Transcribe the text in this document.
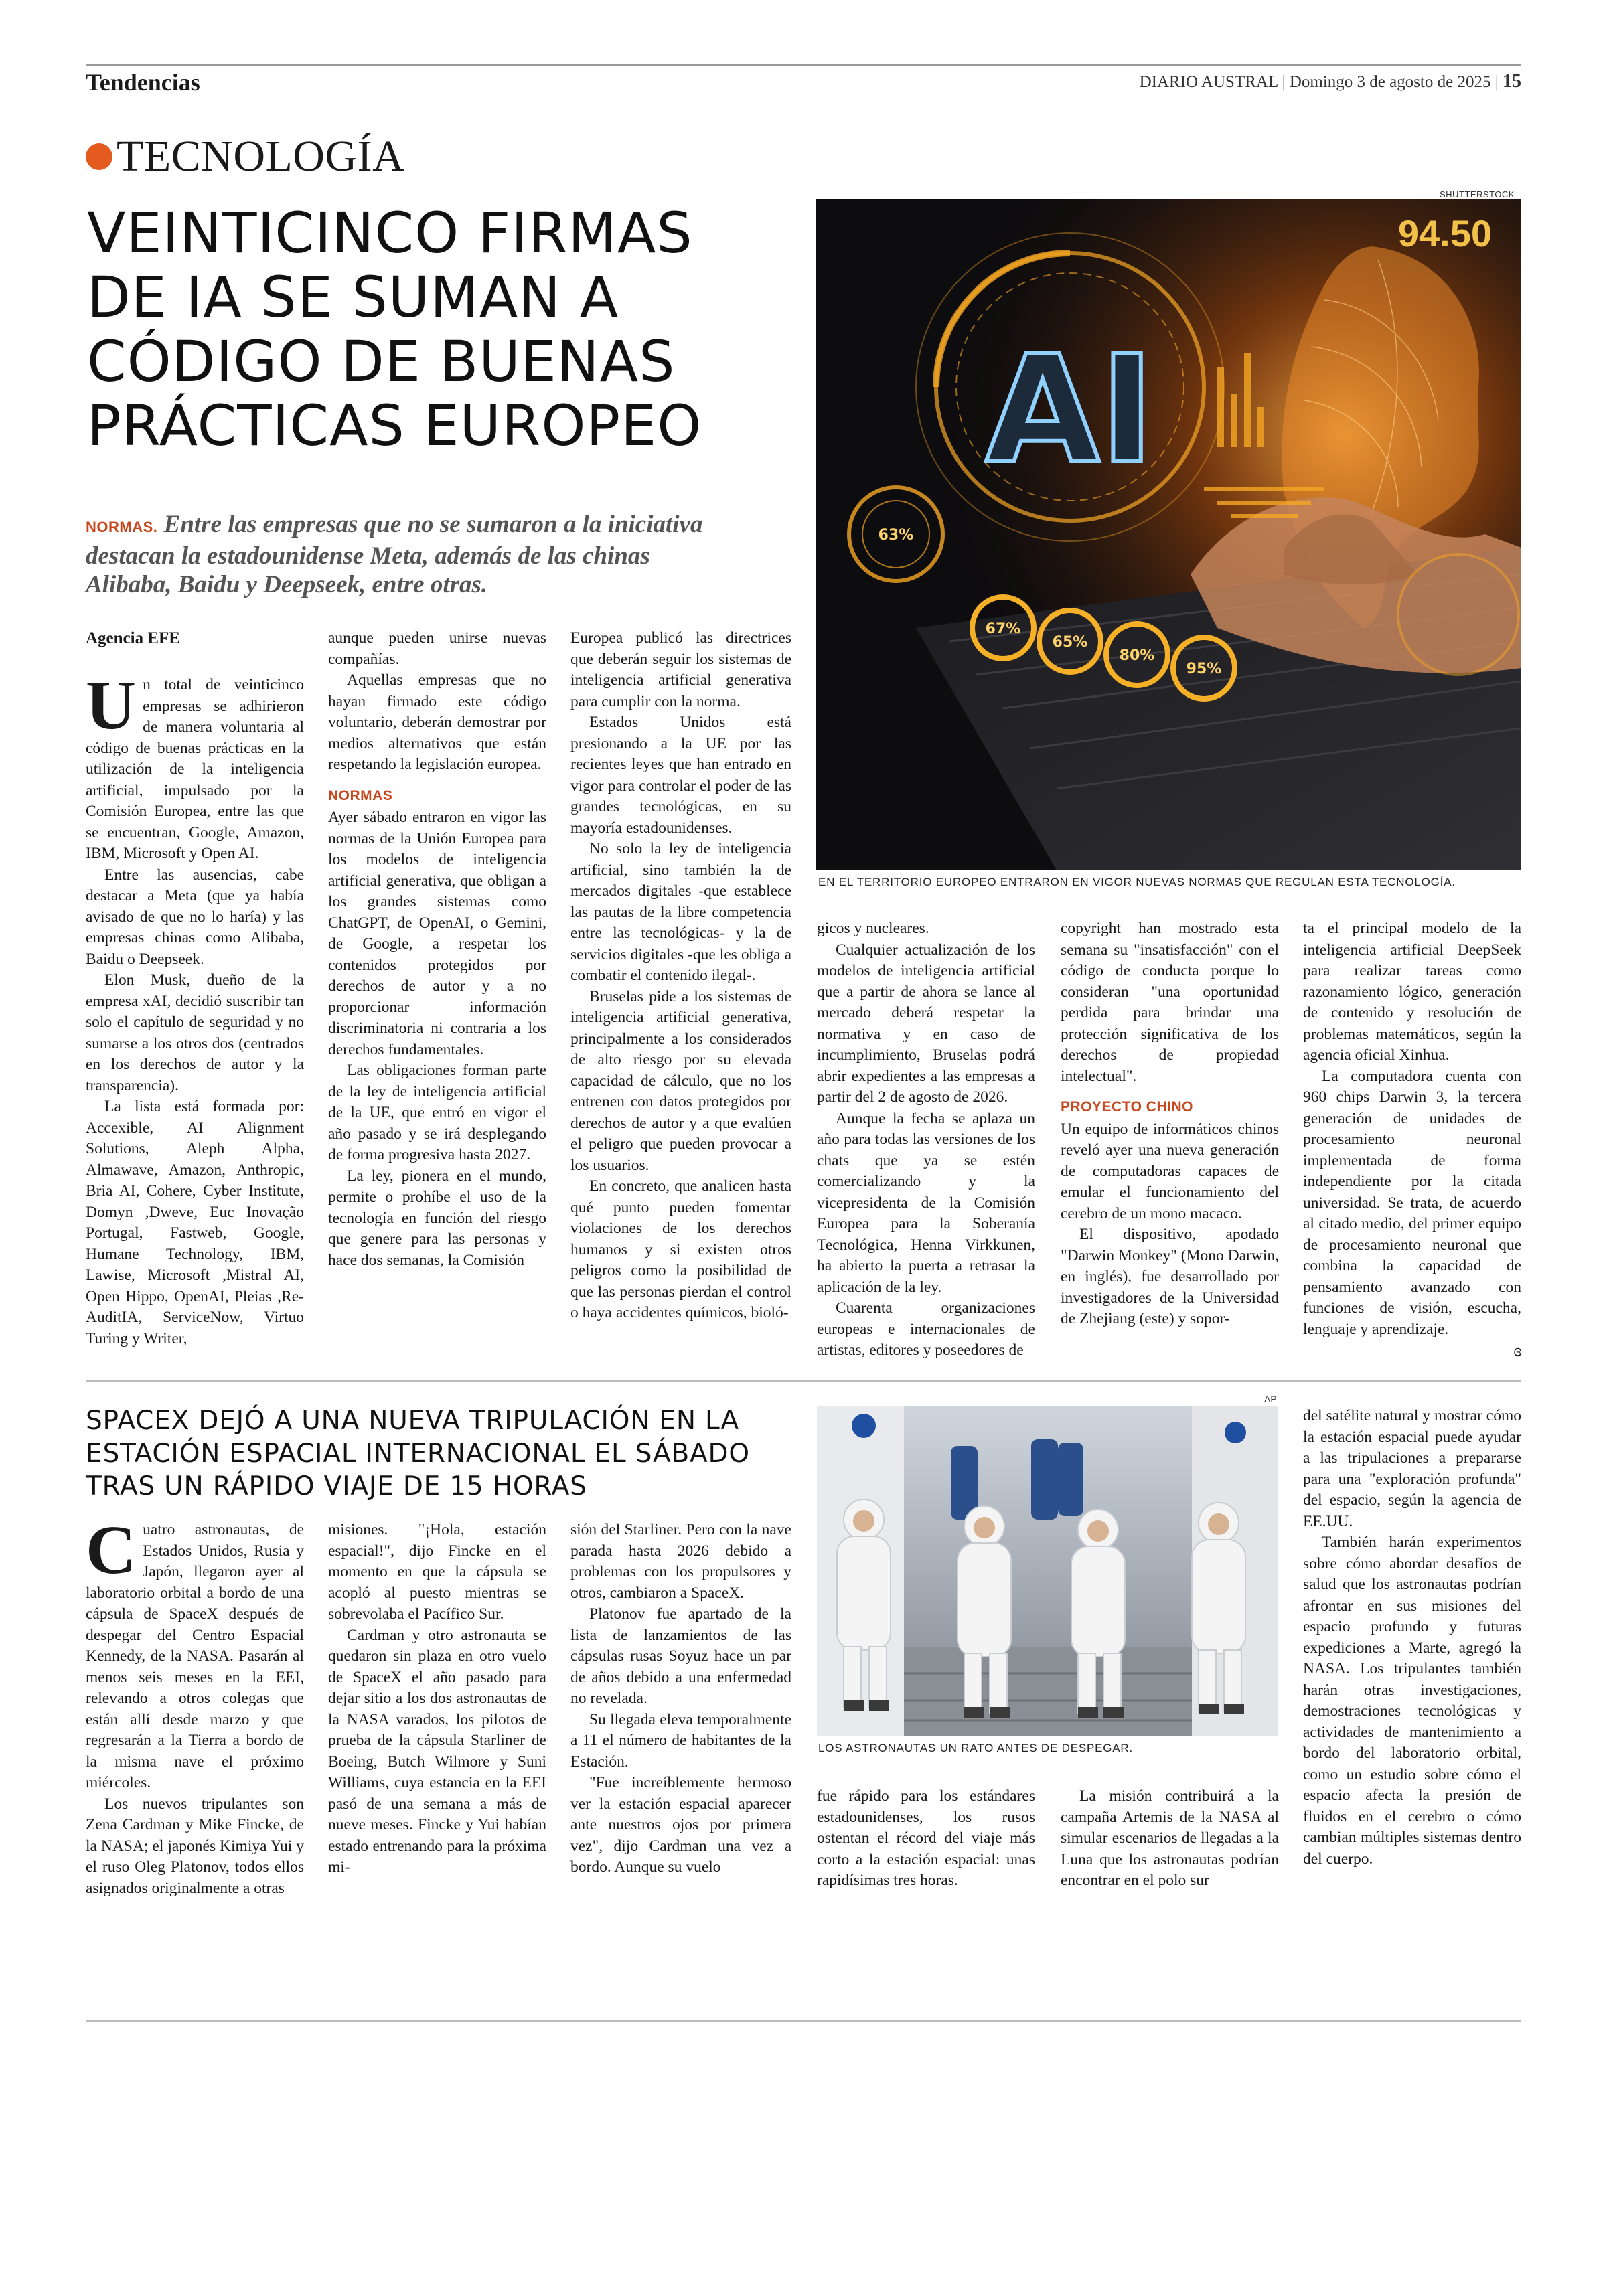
Tendencias	DIARIO AUSTRAL | Domingo 3 de agosto de 2025 | 15
TECNOLOGÍA
VEINTICINCO FIRMAS
DE IA SE SUMAN A
CÓDIGO DE BUENAS
PRÁCTICAS EUROPEO
NORMAS. Entre las empresas que no se sumaron a la iniciativa
destacan la estadounidense Meta, además de las chinas
Alibaba, Baidu y Deepseek, entre otras.
Agencia EFE
67%
65%
80%
95%
63%
AI
94.50
SHUTTERSTOCK
EN EL TERRITORIO EUROPEO ENTRARON EN VIGOR NUEVAS NORMAS QUE REGULAN ESTA TECNOLOGÍA.
U n total de veinticinco empresas se adhirieron de manera voluntaria al código de buenas prácticas en la utilización de la inteligencia artificial, impulsado por la Comisión Europea, entre las que se encuentran, Google, Amazon, IBM, Microsoft y Open AI.

Entre las ausencias, cabe destacar a Meta (que ya había avisado de que no lo haría) y las empresas chinas como Alibaba, Baidu o Deepseek.

Elon Musk, dueño de la empresa xAI, decidió suscribir tan solo el capítulo de seguridad y no sumarse a los otros dos (centrados en los derechos de autor y la transparencia).

La lista está formada por: Accexible, AI Alignment Solutions, Aleph Alpha, Almawave, Amazon, Anthropic, Bria AI, Cohere, Cyber Institute, Domyn ,Dweve, Euc Inovação Portugal, Fastweb, Google, Humane Technology, IBM, Lawise, Microsoft ,Mistral AI, Open Hippo, OpenAI, Pleias ,Re-AuditIA, ServiceNow, Virtuo Turing y Writer,

aunque pueden unirse nuevas compañías.

Aquellas empresas que no hayan firmado este código voluntario, deberán demostrar por medios alternativos que están respetando la legislación europea.

NORMAS

Ayer sábado entraron en vigor las normas de la Unión Europea para los modelos de inteligencia artificial generativa, que obligan a los grandes sistemas como ChatGPT, de OpenAI, o Gemini, de Google, a respetar los contenidos protegidos por derechos de autor y a no proporcionar información discriminatoria ni contraria a los derechos fundamentales.

Las obligaciones forman parte de la ley de inteligencia artificial de la UE, que entró en vigor el año pasado y se irá desplegando de forma progresiva hasta 2027.

La ley, pionera en el mundo, permite o prohíbe el uso de la tecnología en función del riesgo que genere para las personas y hace dos semanas, la Comisión

Europea publicó las directrices que deberán seguir los sistemas de inteligencia artificial generativa para cumplir con la norma.

Estados Unidos está presionando a la UE por las recientes leyes que han entrado en vigor para controlar el poder de las grandes tecnológicas, en su mayoría estadounidenses.

No solo la ley de inteligencia artificial, sino también la de mercados digitales -que establece las pautas de la libre competencia entre las tecnológicas- y la de servicios digitales -que les obliga a combatir el contenido ilegal-.

Bruselas pide a los sistemas de inteligencia artificial generativa, principalmente a los considerados de alto riesgo por su elevada capacidad de cálculo, que no los entrenen con datos protegidos por derechos de autor y a que evalúen el peligro que pueden provocar a los usuarios.

En concreto, que analicen hasta qué punto pueden fomentar violaciones de los derechos humanos y si existen otros peligros como la posibilidad de que las personas pierdan el control o haya accidentes químicos, bioló-

gicos y nucleares.

Cualquier actualización de los modelos de inteligencia artificial que a partir de ahora se lance al mercado deberá respetar la normativa y en caso de incumplimiento, Bruselas podrá abrir expedientes a las empresas a partir del 2 de agosto de 2026.

Aunque la fecha se aplaza un año para todas las versiones de los chats que ya se estén comercializando y la vicepresidenta de la Comisión Europea para la Soberanía Tecnológica, Henna Virkkunen, ha abierto la puerta a retrasar la aplicación de la ley.

Cuarenta organizaciones europeas e internacionales de artistas, editores y poseedores de

copyright han mostrado esta semana su "insatisfacción" con el código de conducta porque lo consideran "una oportunidad perdida para brindar una protección significativa de los derechos de propiedad intelectual".

PROYECTO CHINO

Un equipo de informáticos chinos reveló ayer una nueva generación de computadoras capaces de emular el funcionamiento del cerebro de un mono macaco.

El dispositivo, apodado "Darwin Monkey" (Mono Darwin, en inglés), fue desarrollado por investigadores de la Universidad de Zhejiang (este) y sopor-

ta el principal modelo de la inteligencia artificial DeepSeek para realizar tareas como razonamiento lógico, generación de contenido y resolución de problemas matemáticos, según la agencia oficial Xinhua.

La computadora cuenta con 960 chips Darwin 3, la tercera generación de unidades de procesamiento neuronal implementada de forma independiente por la citada universidad. Se trata, de acuerdo al citado medio, del primer equipo de procesamiento neuronal que combina la capacidad de pensamiento avanzado con funciones de visión, escucha, lenguaje y aprendizaje.

ɞ
SPACEX DEJÓ A UNA NUEVA TRIPULACIÓN EN LA
ESTACIÓN ESPACIAL INTERNACIONAL EL SÁBADO
TRAS UN RÁPIDO VIAJE DE 15 HORAS
AP
LOS ASTRONAUTAS UN RATO ANTES DE DESPEGAR.
C uatro astronautas, de Estados Unidos, Rusia y Japón, llegaron ayer al laboratorio orbital a bordo de una cápsula de SpaceX después de despegar del Centro Espacial Kennedy, de la NASA. Pasarán al menos seis meses en la EEI, relevando a otros colegas que están allí desde marzo y que regresarán a la Tierra a bordo de la misma nave el próximo miércoles.

Los nuevos tripulantes son Zena Cardman y Mike Fincke, de la NASA; el japonés Kimiya Yui y el ruso Oleg Platonov, todos ellos asignados originalmente a otras

misiones. "¡Hola, estación espacial!", dijo Fincke en el momento en que la cápsula se acopló al puesto mientras se sobrevolaba el Pacífico Sur.

Cardman y otro astronauta se quedaron sin plaza en otro vuelo de SpaceX el año pasado para dejar sitio a los dos astronautas de la NASA varados, los pilotos de prueba de la cápsula Starliner de Boeing, Butch Wilmore y Suni Williams, cuya estancia en la EEI pasó de una semana a más de nueve meses. Fincke y Yui habían estado entrenando para la próxima mi-

sión del Starliner. Pero con la nave parada hasta 2026 debido a problemas con los propulsores y otros, cambiaron a SpaceX.

Platonov fue apartado de la lista de lanzamientos de las cápsulas rusas Soyuz hace un par de años debido a una enfermedad no revelada.

Su llegada eleva temporalmente a 11 el número de habitantes de la Estación.

"Fue increíblemente hermoso ver la estación espacial aparecer ante nuestros ojos por primera vez", dijo Cardman una vez a bordo. Aunque su vuelo

fue rápido para los estándares estadounidenses, los rusos ostentan el récord del viaje más corto a la estación espacial: unas rapidísimas tres horas.

La misión contribuirá a la campaña Artemis de la NASA al simular escenarios de llegadas a la Luna que los astronautas podrían encontrar en el polo sur

del satélite natural y mostrar cómo la estación espacial puede ayudar a las tripulaciones a prepararse para una "exploración profunda" del espacio, según la agencia de EE.UU.

También harán experimentos sobre cómo abordar desafíos de salud que los astronautas podrían afrontar en sus misiones del espacio profundo y futuras expediciones a Marte, agregó la NASA. Los tripulantes también harán otras investigaciones, demostraciones tecnológicas y actividades de mantenimiento a bordo del laboratorio orbital, como un estudio sobre cómo el espacio afecta la presión de fluidos en el cerebro o cómo cambian múltiples sistemas dentro del cuerpo.
